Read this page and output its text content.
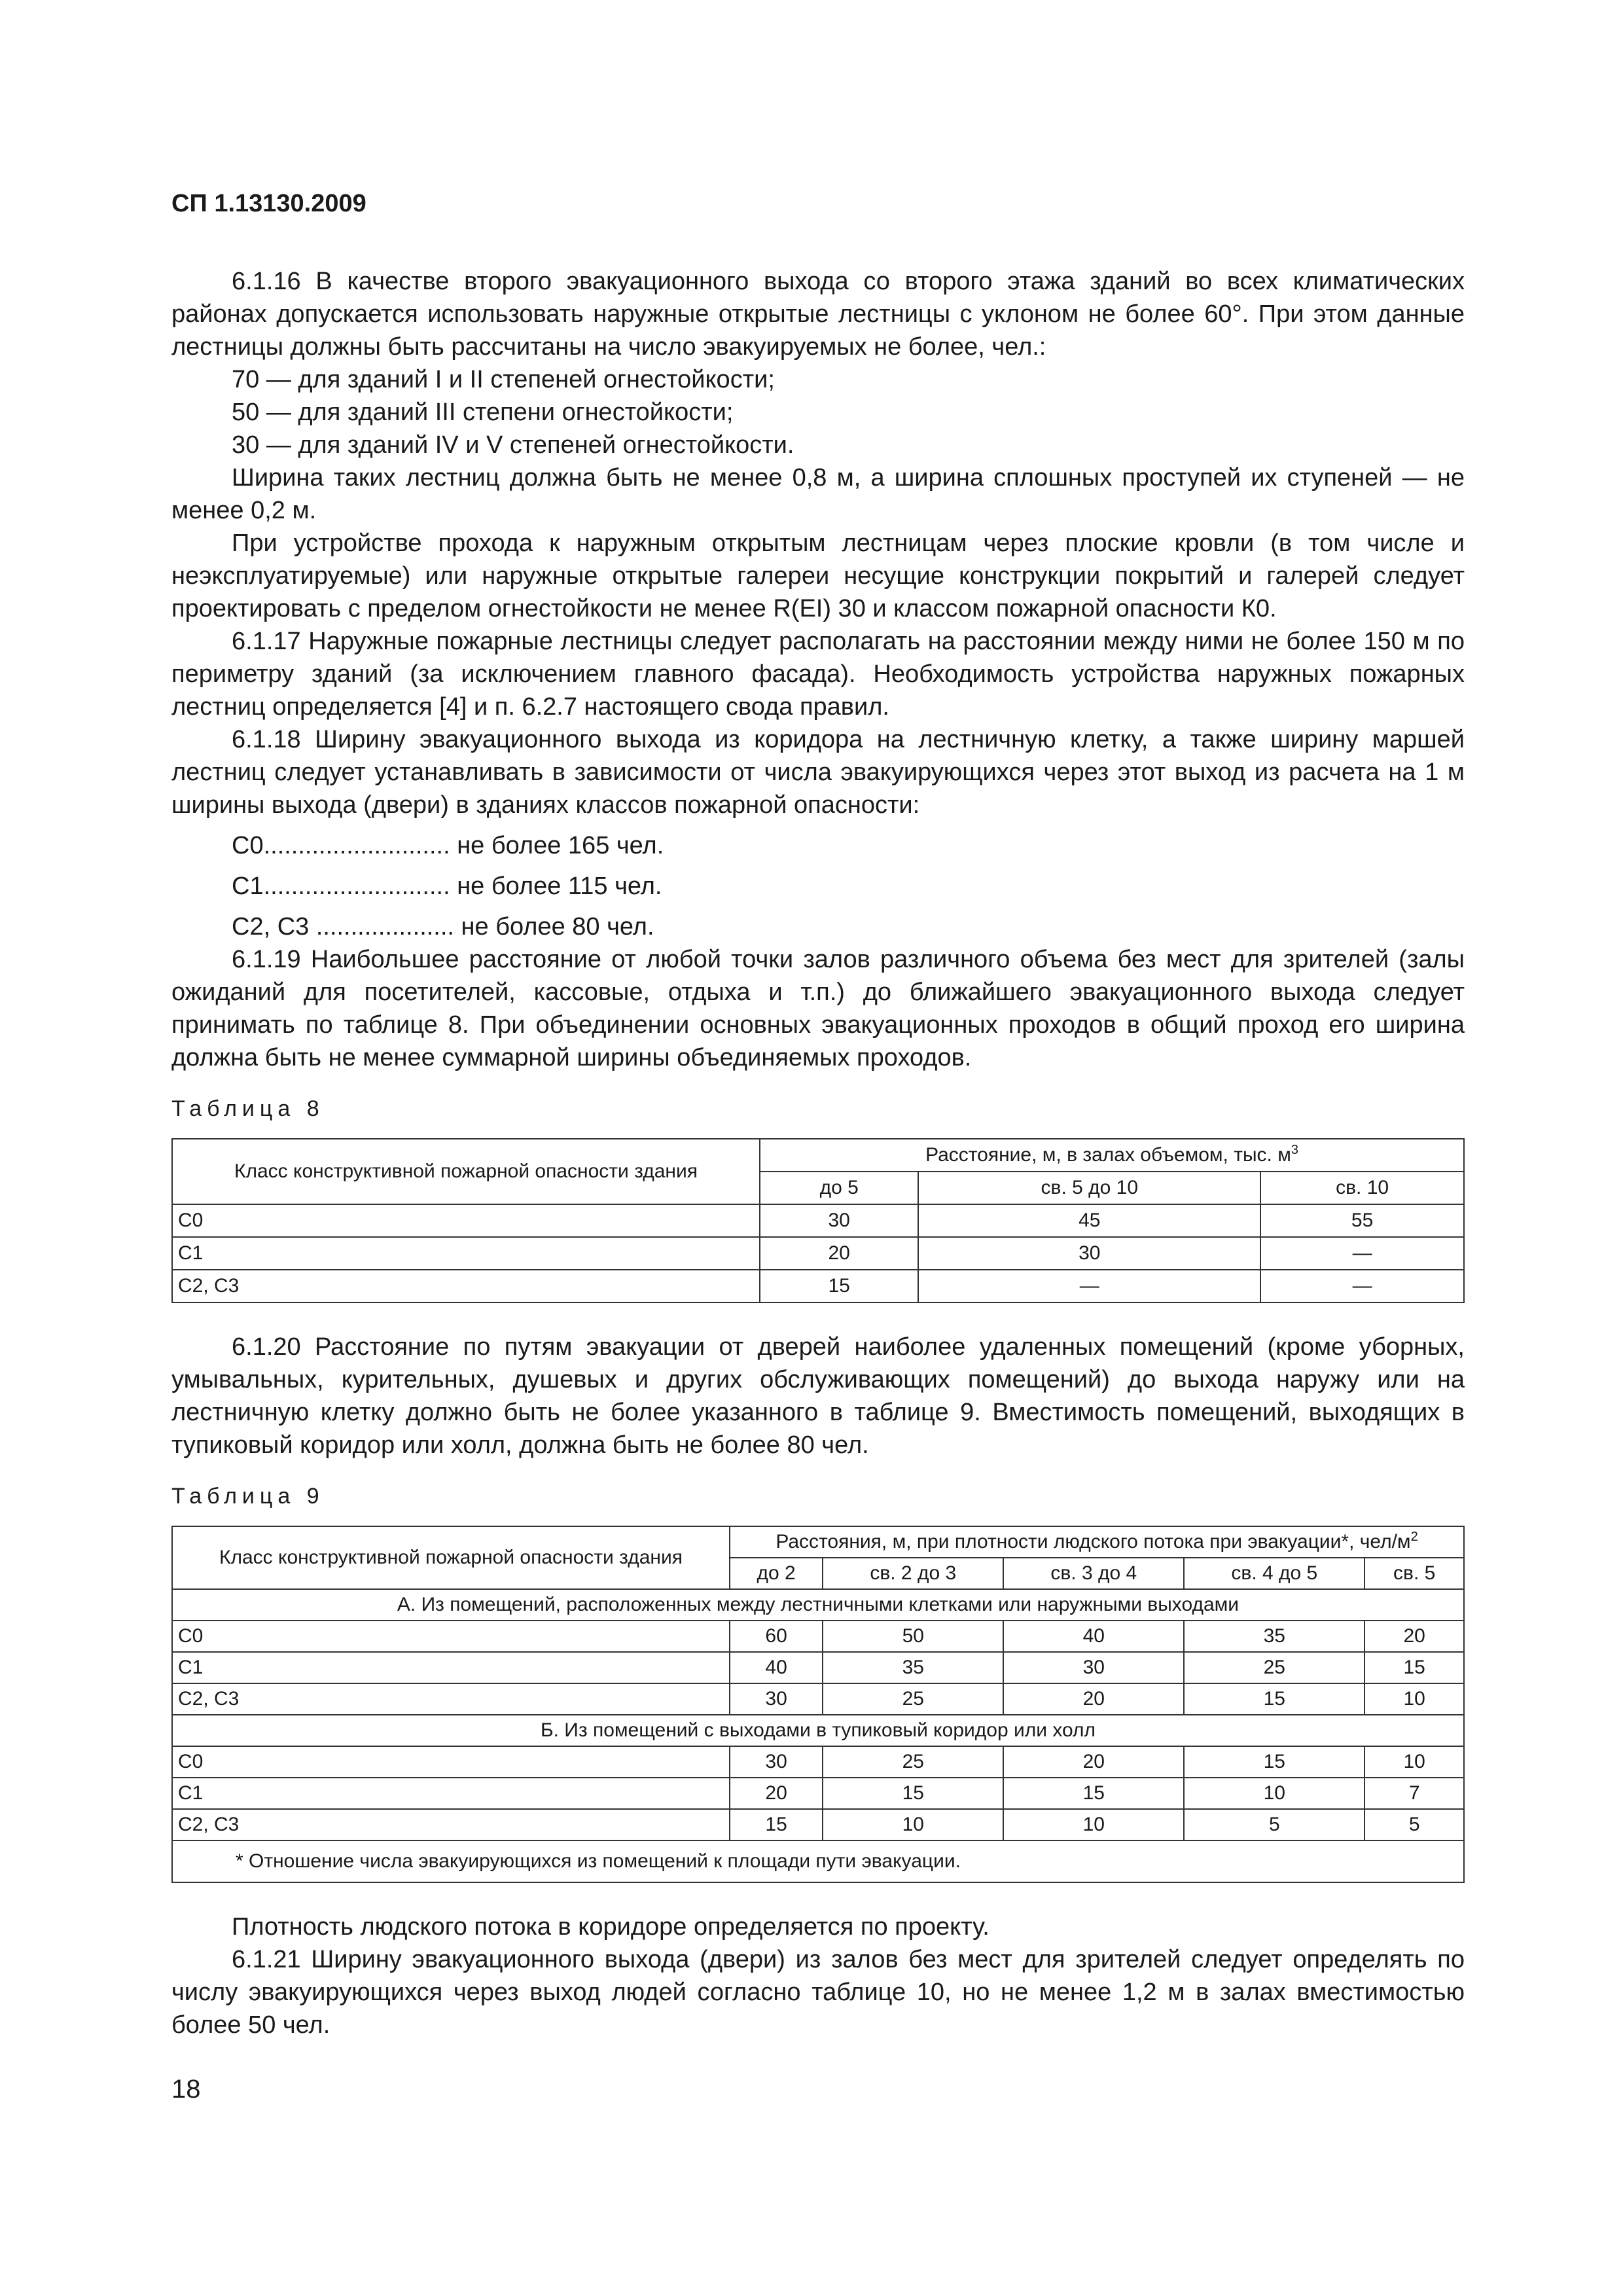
СП 1.13130.2009

6.1.16 В качестве второго эвакуационного выхода со второго этажа зданий во всех климатических районах допускается использовать наружные открытые лестницы с уклоном не более 60°. При этом данные лестницы должны быть рассчитаны на число эвакуируемых не более, чел.:

70 — для зданий I и II степеней огнестойкости;

50 — для зданий III степени огнестойкости;

30 — для зданий IV и V степеней огнестойкости.

Ширина таких лестниц должна быть не менее 0,8 м, а ширина сплошных проступей их ступеней — не менее 0,2 м.

При устройстве прохода к наружным открытым лестницам через плоские кровли (в том числе и неэксплуатируемые) или наружные открытые галереи несущие конструкции покрытий и галерей следует проектировать с пределом огнестойкости не менее R(EI) 30 и классом пожарной опасности К0.

6.1.17 Наружные пожарные лестницы следует располагать на расстоянии между ними не более 150 м по периметру зданий (за исключением главного фасада). Необходимость устройства наружных пожарных лестниц определяется [4] и п. 6.2.7 настоящего свода правил.

6.1.18 Ширину эвакуационного выхода из коридора на лестничную клетку, а также ширину маршей лестниц следует устанавливать в зависимости от числа эвакуирующихся через этот выход из расчета на 1 м ширины выхода (двери) в зданиях классов пожарной опасности:

С0........................... не более 165 чел.

С1........................... не более 115 чел.

С2, С3 .................... не более 80 чел.

6.1.19 Наибольшее расстояние от любой точки залов различного объема без мест для зрителей (залы ожиданий для посетителей, кассовые, отдыха и т.п.) до ближайшего эвакуационного выхода следует принимать по таблице 8. При объединении основных эвакуационных проходов в общий проход его ширина должна быть не менее суммарной ширины объединяемых проходов.

Таблица 8

Класс конструктивной пожарной опасности здания	Расстояние, м, в залах объемом, тыс. $м^3$
	до 5	св. 5 до 10	св. 10
С0	30	45	55
С1	20	30	—
С2, С3	15	—	—

6.1.20 Расстояние по путям эвакуации от дверей наиболее удаленных помещений (кроме уборных, умывальных, курительных, душевых и других обслуживающих помещений) до выхода наружу или на лестничную клетку должно быть не более указанного в таблице 9. Вместимость помещений, выходящих в тупиковый коридор или холл, должна быть не более 80 чел.

Таблица 9

Класс конструктивной пожарной опасности здания	Расстояния, м, при плотности людского потока при эвакуации*, чел/$м^2$
	до 2	св. 2 до 3	св. 3 до 4	св. 4 до 5	св. 5
А. Из помещений, расположенных между лестничными клетками или наружными выходами					
С0	60	50	40	35	20
С1	40	35	30	25	15
С2, С3	30	25	20	15	10
Б. Из помещений с выходами в тупиковый коридор или холл					
С0	30	25	20	15	10
С1	20	15	15	10	7
С2, С3	15	10	10	5	5
* Отношение числа эвакуирующихся из помещений к площади пути эвакуации.					

Плотность людского потока в коридоре определяется по проекту.

6.1.21 Ширину эвакуационного выхода (двери) из залов без мест для зрителей следует определять по числу эвакуирующихся через выход людей согласно таблице 10, но не менее 1,2 м в залах вместимостью более 50 чел.

18
